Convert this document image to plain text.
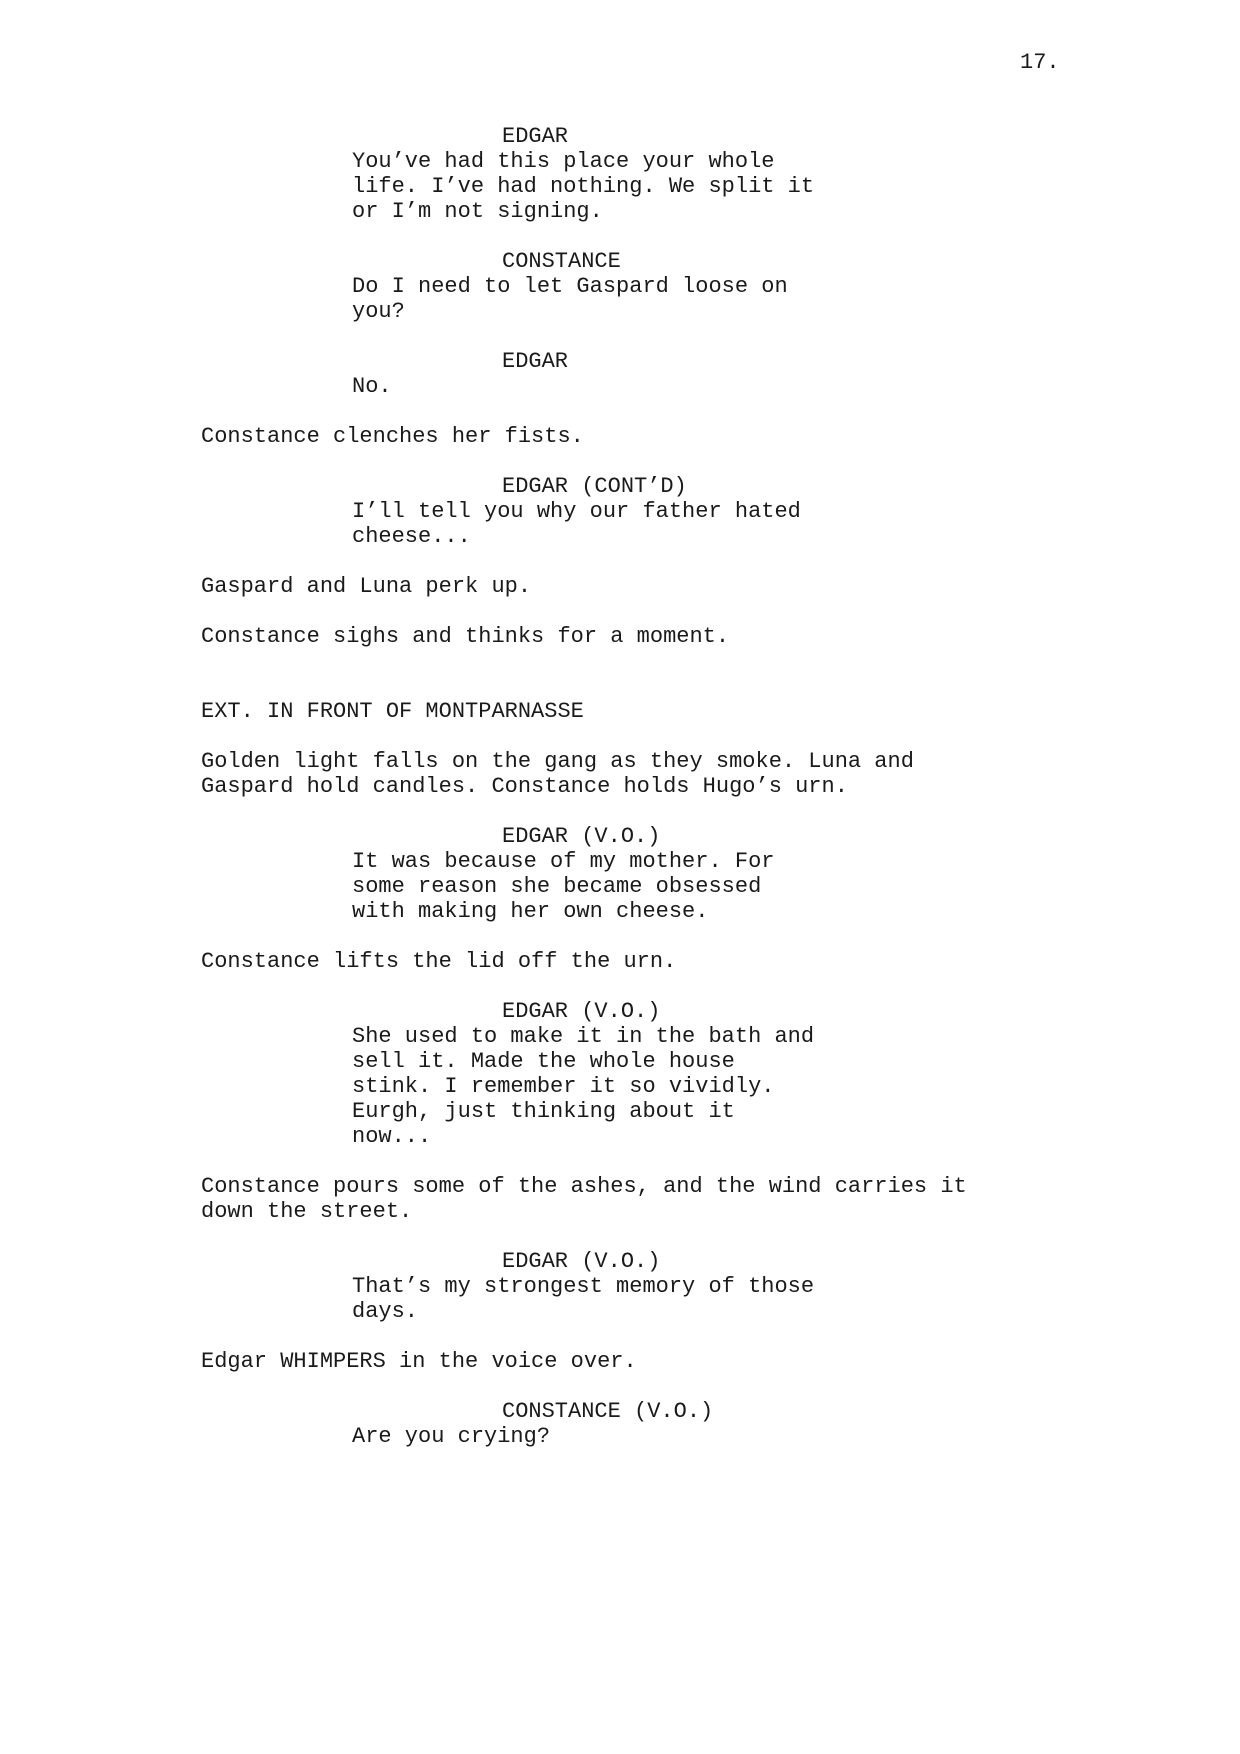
17.
EDGAR
You’ve had this place your whole
life. I’ve had nothing. We split it
or I’m not signing.
CONSTANCE
Do I need to let Gaspard loose on
you?
EDGAR
No.
Constance clenches her fists.
EDGAR (CONT’D)
I’ll tell you why our father hated
cheese...
Gaspard and Luna perk up.
Constance sighs and thinks for a moment.
EXT. IN FRONT OF MONTPARNASSE
Golden light falls on the gang as they smoke. Luna and
Gaspard hold candles. Constance holds Hugo’s urn.
EDGAR (V.O.)
It was because of my mother. For
some reason she became obsessed
with making her own cheese.
Constance lifts the lid off the urn.
EDGAR (V.O.)
She used to make it in the bath and
sell it. Made the whole house
stink. I remember it so vividly.
Eurgh, just thinking about it
now...
Constance pours some of the ashes, and the wind carries it
down the street.
EDGAR (V.O.)
That’s my strongest memory of those
days.
Edgar WHIMPERS in the voice over.
CONSTANCE (V.O.)
Are you crying?
